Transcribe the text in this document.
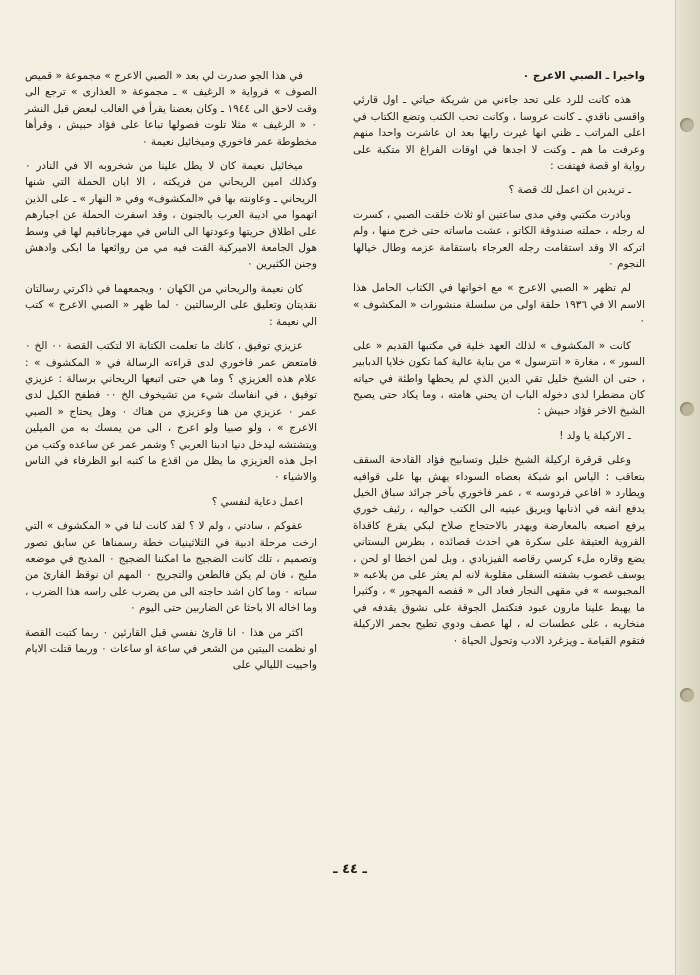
واخيرا ـ الصبي الاعرج ٠

هذه كانت للرد على تحد جاءني من شريكة حياتي ـ اول قارئي واقسى ناقدي ـ كانت عروسا ، وكانت تحب الكتب وتضع الكتاب في اعلى المراتب ـ ظني انها غيرت رايها بعد ان عاشرت واحدا منهم وعرفت ما هم ـ وكنت لا اجدها في اوقات الفراغ الا متكبة على رواية او قصة فهتفت :

ـ تريدين ان اعمل لك قصة ؟

وبادرت مكتبي وفي مدى ساعتين او ثلاث خلقت الصبي ، كسرت له رجله ، حملته صندوقة الكاتو ، عشت ماساته حتى خرج منها ، ولم اتركه الا وقد استقامت رجله العرجاء باستقامة عزمه وطال خيالها النجوم ٠

لم تظهر « الصبي الاعرج » مع اخواتها في الكتاب الحامل هذا الاسم الا في ١٩٣٦ حلقة اولى من سلسلة منشورات « المكشوف » ٠

كانت « المكشوف » لذلك العهد خلية في مكتبها القديم « على السور » ، مغارة « انترسول » من بناية عالية كما تكون خلايا الدبابير ، حتى ان الشيخ خليل تقي الدين الذي لم يحظها واطئة في حياته كان مضطرا لدى دخوله الباب ان يحني هامته ، وما يكاد حتى يصيح الشيخ الاخر فؤاد حبيش :

ـ الاركيلة يا ولد !

وعلى قرقرة اركيلة الشيخ خليل وتسابيح فؤاد القادحة السقف بتعاقب : الياس ابو شبكة بعصاه السوداء يهش بها على قوافيه ويطارد « افاعي فردوسه » ، عمر فاخوري بآخر جرائد سباق الخيل يدفع انفه في اذنابها ويريق عينيه الى الكتب حواليه ، رئيف خوري يرفع اصبعه بالمعارضة ويهدر بالاحتجاج صلاح لبكي يقرع كاقداة القروية العتيقة على سكرة هي احدث قصائده ، بطرس البستاني يضع وقاره ملء كرسي رقاصه الفيزبادي ، وبل لمن اخطا او لحن ، يوسف غصوب بشفته السفلى مقلوبة لانه لم يعثر على من يلاعبه « المجبوسه » في مقهى النجار فعاد الى « قفصه المهجور » ، وكثيرا ما يهبط علينا مارون عبود فتكتمل الجوقة على نشوق يقدفه في منخاريه ، على عطسات له ، لها عصف ودوي تطيح بجمر الاركيلة فتقوم القيامة ـ ويزغرد الادب وتحول الحياة ٠

في هذا الجو صدرت لي بعد « الصبي الاعرج » مجموعة « قميص الصوف » فرواية « الرغيف » ـ مجموعة « العذارى » ترجع الى وقت لاحق الى ١٩٤٤ ـ وكان بعضنا يقرأ في الغالب لبعض قبل النشر ٠ « الرغيف » مثلا تلوت فصولها تباعا على فؤاد حبيش ، وقرأها مخطوطة عمر فاخوري وميخائيل نعيمة ٠

ميخائيل نعيمة كان لا يطل علينا من شخروبه الا في النادر ٠ وكذلك امين الريحاني من فريكته ، الا ابان الحملة التي شنها الريحاني ـ وعاونته بها في «المكشوف» وفي « النهار » ـ على الذين اتهموا مي اديبة العرب بالجنون ، وقد اسفرت الحملة عن اجبارهم على اطلاق حريتها وعودتها الى الناس في مهرجانافيم لها في وسط هول الجامعة الاميركية القت فيه مي من روائعها ما ابكى وادهش وجنن الكثيرين ٠

كان نعيمة والريحاني من الكهان ٠ ويجمعهما في ذاكرتي رسالتان نقديتان وتعليق على الرسالتين ٠ لما ظهر « الصبي الاعرج » كتب الي نعيمة :

عزيزي توفيق ، كانك ما تعلمت الكتابة الا لتكتب القصة ٠٠ الخ ٠ فامتعض عمر فاخوري لدى قراءته الرسالة في « المكشوف » : علام هذه العزيزي ؟ وما هي حتى اتبعها الريحاني برسالة : عزيزي توفيق ، في انفاسك شيء من تشيخوف الخ ٠٠ فطفح الكيل لدى عمر ٠ عزيزي من هنا وعزيزي من هناك ٠ وهل يحتاج « الصبي الاعرج » ، ولو صبيا ولو اعرج ، الى من يمسك به من الميلين ويتشتشه ليدخل دنيا ادبنا العربي ؟ وشمر عمر عن ساعده وكتب من اجل هذه العزيزي ما يظل من اقذع ما كتبه ابو الظرفاء في الناس والاشياء ٠

اعمل دعاية لنفسي ؟

عفوكم ، سادتي ، ولم لا ؟ لقد كانت لنا في « المكشوف » التي ارخت مرحلة ادبية في الثلاثينيات خطة رسمناها عن سابق تصور وتصميم ، تلك كانت الضجيج ما امكننا الضجيج ٠ المديح في موضعه مليح ، فان لم يكن فالطعن والتجريح ٠ المهم ان نوقظ القارئ من سباته ٠ وما كان اشد حاجته الى من يضرب على راسه هذا الضرب ، وما اخاله الا باحثا عن الضاربين حتى اليوم ٠

اكثر من هذا ٠ انا قارئ نفسي قبل القارئين ٠ ربما كتبت القصة او نظمت البيتين من الشعر في ساعة او ساعات ٠ وربما قتلت الايام واحييت الليالي على

ـ ٤٤ ـ
